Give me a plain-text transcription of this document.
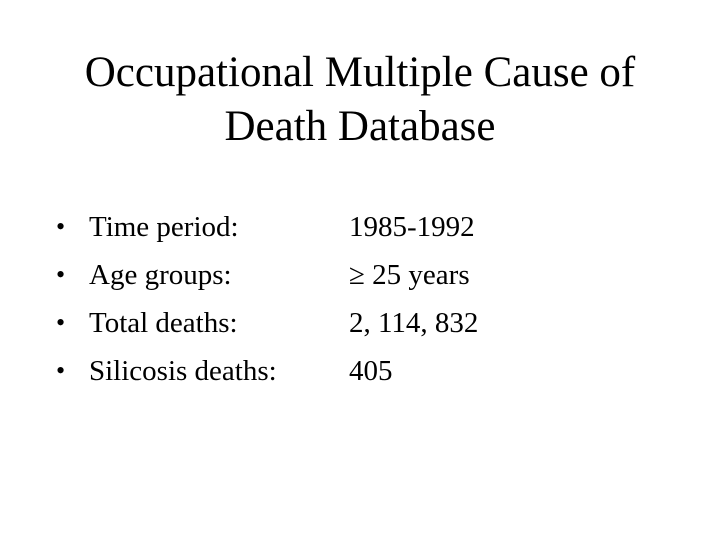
Occupational Multiple Cause of
Death Database
• Time period:	1985-1992
• Age groups:	≥ 25 years
• Total deaths:	2, 114, 832
• Silicosis deaths: 405
